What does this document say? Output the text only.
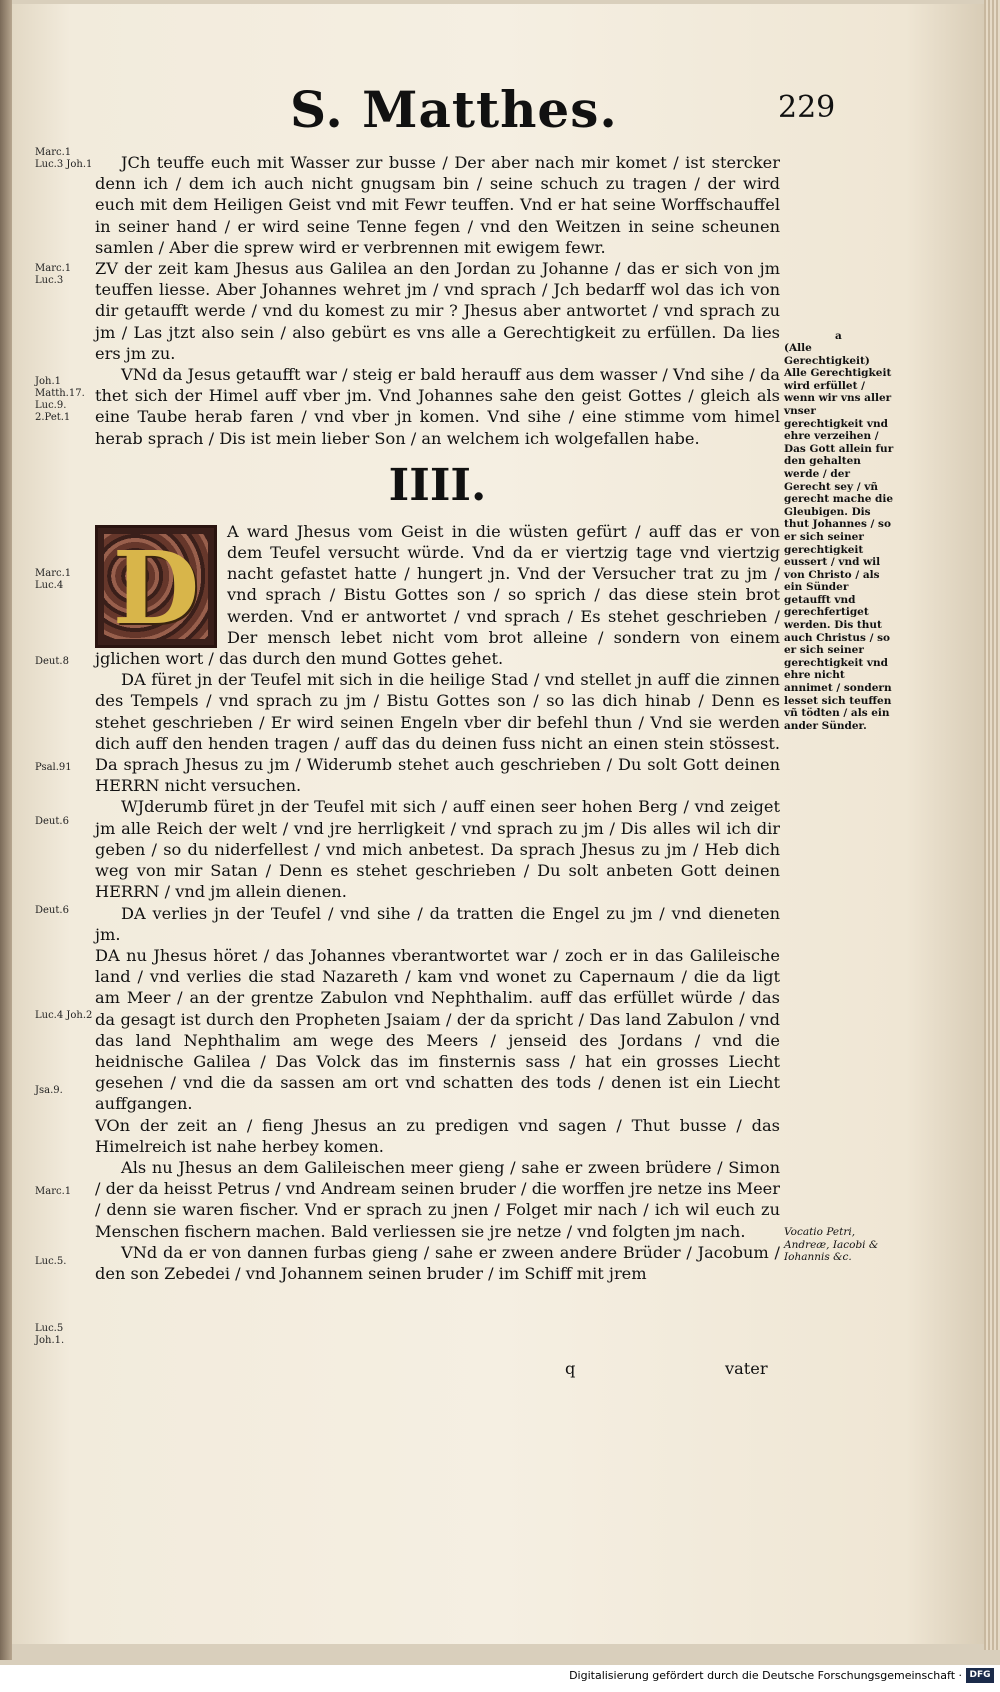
S. Matthes.	229
Marc.1 Luc.3 Joh.1
Marc.1 Luc.3
Joh.1 Matth.17. Luc.9. 2.Pet.1
Marc.1 Luc.4
Deut.8
Psal.91
Deut.6
Deut.6
Luc.4 Joh.2
Jsa.9.
Marc.1
Luc.5.
Luc.5 Joh.1.
a
(Alle Gerechtigkeit) Alle Gerechtigkeit wird erfüllet / wenn wir vns aller vnser gerechtigkeit vnd ehre verzeihen / Das Gott allein fur den gehalten werde / der Gerecht sey / vñ gerecht mache die Gleubigen. Dis thut Johannes / so er sich seiner gerechtigkeit eussert / vnd wil von Christo / als ein Sünder getaufft vnd gerechfertiget werden. Dis thut auch Christus / so er sich seiner gerechtigkeit vnd ehre nicht annimet / sondern lesset sich teuffen vñ tödten / als ein ander Sünder.
Vocatio Petri, Andreæ, Iacobi & Iohannis &c.

JCh teuffe euch mit Wasser zur busse / Der aber nach mir komet / ist stercker denn ich / dem ich auch nicht gnugsam bin / seine schuch zu tragen / der wird euch mit dem Heiligen Geist vnd mit Fewr teuffen. Vnd er hat seine Worffschauffel in seiner hand / er wird seine Tenne fegen / vnd den Weitzen in seine scheunen samlen / Aber die sprew wird er verbrennen mit ewigem fewr.

ZV der zeit kam Jhesus aus Galilea an den Jordan zu Johanne / das er sich von jm teuffen liesse. Aber Johannes wehret jm / vnd sprach / Jch bedarff wol das ich von dir getaufft werde / vnd du komest zu mir ? Jhesus aber antwortet / vnd sprach zu jm / Las jtzt also sein / also gebürt es vns alle a Gerechtigkeit zu erfüllen. Da lies ers jm zu.

VNd da Jesus getaufft war / steig er bald herauff aus dem wasser / Vnd sihe / da thet sich der Himel auff vber jm. Vnd Johannes sahe den geist Gottes / gleich als eine Taube herab faren / vnd vber jn komen. Vnd sihe / eine stimme vom himel herab sprach / Dis ist mein lieber Son / an welchem ich wolgefallen habe.

IIII.
D	A ward Jhesus vom Geist in die wüsten gefürt / auff das er von dem Teufel versucht würde. Vnd da er viertzig tage vnd viertzig nacht gefastet hatte / hungert jn. Vnd der Versucher trat zu jm / vnd sprach / Bistu Gottes son / so sprich / das diese stein brot werden. Vnd er antwortet / vnd sprach / Es stehet geschrieben / Der mensch lebet nicht vom brot alleine / sondern von einem jglichen wort / das durch den mund Gottes gehet.

DA füret jn der Teufel mit sich in die heilige Stad / vnd stellet jn auff die zinnen des Tempels / vnd sprach zu jm / Bistu Gottes son / so las dich hinab / Denn es stehet geschrieben / Er wird seinen Engeln vber dir befehl thun / Vnd sie werden dich auff den henden tragen / auff das du deinen fuss nicht an einen stein stössest. Da sprach Jhesus zu jm / Widerumb stehet auch geschrieben / Du solt Gott deinen HERRN nicht versuchen.

WJderumb füret jn der Teufel mit sich / auff einen seer hohen Berg / vnd zeiget jm alle Reich der welt / vnd jre herrligkeit / vnd sprach zu jm / Dis alles wil ich dir geben / so du niderfellest / vnd mich anbetest. Da sprach Jhesus zu jm / Heb dich weg von mir Satan / Denn es stehet geschrieben / Du solt anbeten Gott deinen HERRN / vnd jm allein dienen.

DA verlies jn der Teufel / vnd sihe / da tratten die Engel zu jm / vnd dieneten jm.

DA nu Jhesus höret / das Johannes vberantwortet war / zoch er in das Galileische land / vnd verlies die stad Nazareth / kam vnd wonet zu Capernaum / die da ligt am Meer / an der grentze Zabulon vnd Nephthalim. auff das erfüllet würde / das da gesagt ist durch den Propheten Jsaiam / der da spricht / Das land Zabulon / vnd das land Nephthalim am wege des Meers / jenseid des Jordans / vnd die heidnische Galilea / Das Volck das im finsternis sass / hat ein grosses Liecht gesehen / vnd die da sassen am ort vnd schatten des tods / denen ist ein Liecht auffgangen.

VOn der zeit an / fieng Jhesus an zu predigen vnd sagen / Thut busse / das Himelreich ist nahe herbey komen.

Als nu Jhesus an dem Galileischen meer gieng / sahe er zween brüdere / Simon / der da heisst Petrus / vnd Andream seinen bruder / die worffen jre netze ins Meer / denn sie waren fischer. Vnd er sprach zu jnen / Folget mir nach / ich wil euch zu Menschen fischern machen. Bald verliessen sie jre netze / vnd folgten jm nach.

VNd da er von dannen furbas gieng / sahe er zween andere Brüder / Jacobum / den son Zebedei / vnd Johannem seinen bruder / im Schiff mit jrem

q	vater
Digitalisierung gefördert durch die Deutsche Forschungsgemeinschaft · DFG
